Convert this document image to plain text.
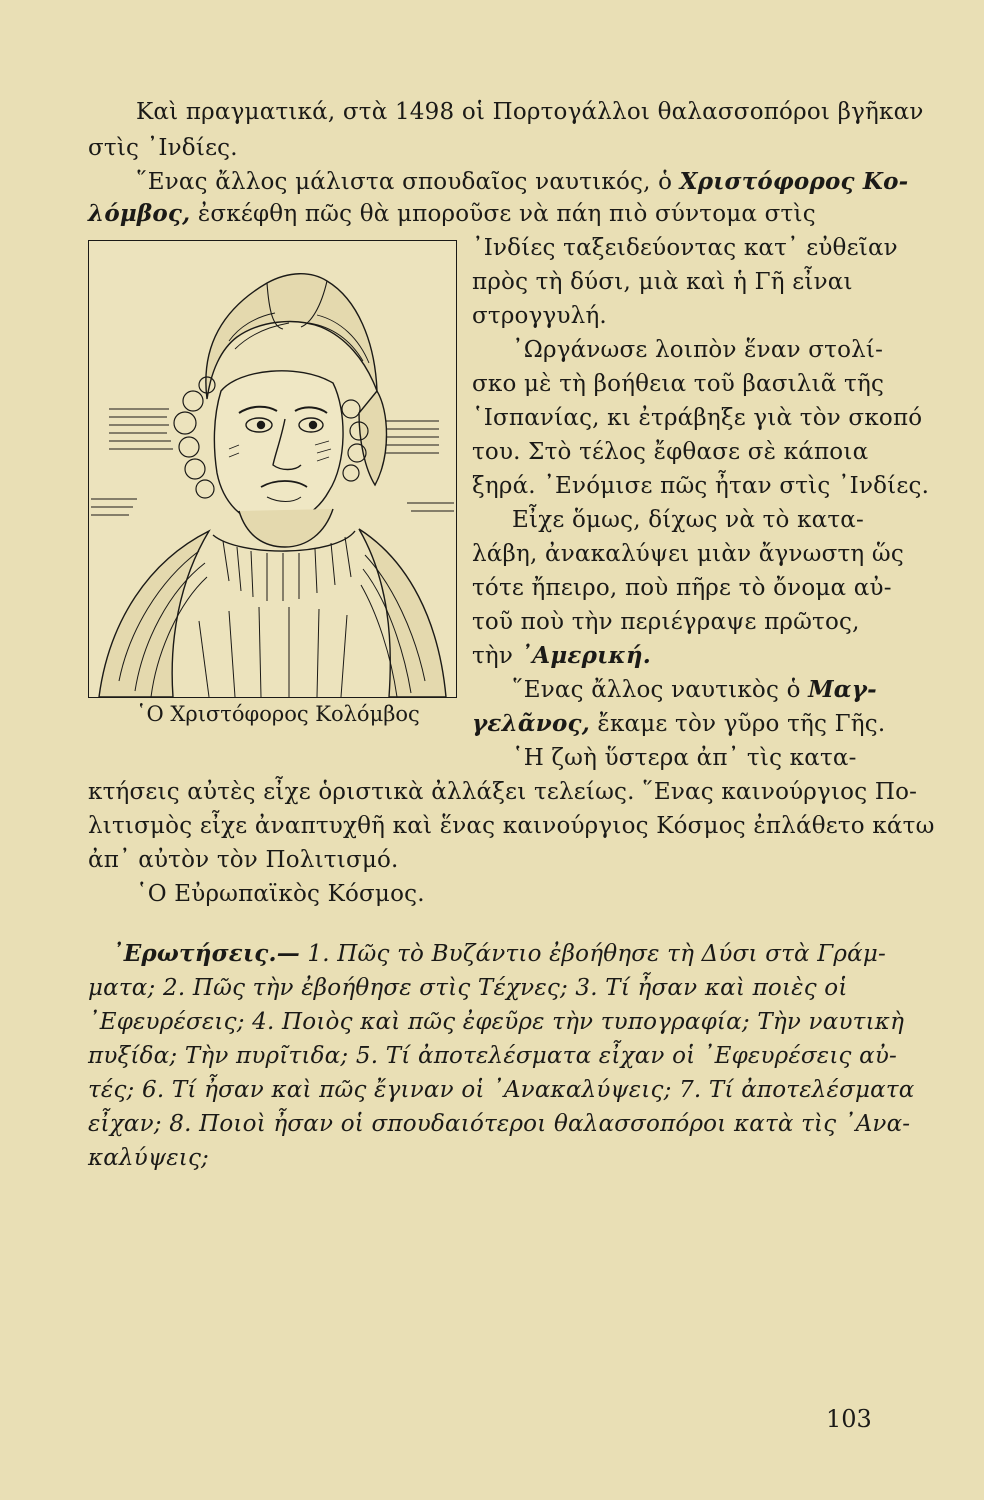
Καὶ πραγματικά, στὰ 1498 οἱ Πορτογάλλοι θαλασσοπόροι βγῆκαν
στὶς ᾿Ινδίες.
῞Ενας ἄλλος μάλιστα σπουδαῖος ναυτικός, ὁ Χριστόφορος Κο-
λόμβος, ἐσκέφθη πῶς θὰ μποροῦσε νὰ πάη πιὸ σύντομα στὶς
᾿Ινδίες ταξειδεύοντας κατ᾿ εὐθεῖαν
πρὸς τὴ δύσι, μιὰ καὶ ἡ Γῆ εἶναι
στρογγυλή.
᾿Ωργάνωσε λοιπὸν ἕναν στολί-
σκο μὲ τὴ βοήθεια τοῦ βασιλιᾶ τῆς
῾Ισπανίας, κι ἐτράβηξε γιὰ τὸν σκοπό
του. Στὸ τέλος ἔφθασε σὲ κάποια
ξηρά. ᾿Ενόμισε πῶς ἦταν στὶς ᾿Ινδίες.
Εἶχε ὅμως, δίχως νὰ τὸ κατα-
λάβη, ἀνακαλύψει μιὰν ἄγνωστη ὥς
τότε ἤπειρο, ποὺ πῆρε τὸ ὄνομα αὐ-
τοῦ ποὺ τὴν περιέγραψε πρῶτος,
τὴν ᾿Αμερική.
῞Ενας ἄλλος ναυτικὸς ὁ Μαγ-
γελᾶνος, ἔκαμε τὸν γῦρο τῆς Γῆς.
῾Η ζωὴ ὕστερα ἀπ᾿ τὶς κατα-
κτήσεις αὐτὲς εἶχε ὁριστικὰ ἀλλάξει τελείως. ῞Ενας καινούργιος Πο-
λιτισμὸς εἶχε ἀναπτυχθῆ καὶ ἕνας καινούργιος Κόσμος ἐπλάθετο κάτω
ἀπ᾿ αὐτὸν τὸν Πολιτισμό.
῾Ο Εὐρωπαϊκὸς Κόσμος.
᾿Ερωτήσεις.— 1. Πῶς τὸ Βυζάντιο ἐβοήθησε τὴ Δύσι στὰ Γράμ-
ματα; 2. Πῶς τὴν ἐβοήθησε στὶς Τέχνες; 3. Τί ἦσαν καὶ ποιὲς οἱ
᾿Εφευρέσεις; 4. Ποιὸς καὶ πῶς ἐφεῦρε τὴν τυπογραφία; Τὴν ναυτικὴ
πυξίδα; Τὴν πυρῖτιδα; 5. Τί ἀποτελέσματα εἶχαν οἱ ᾿Εφευρέσεις αὐ-
τές; 6. Τί ἦσαν καὶ πῶς ἔγιναν οἱ ᾿Ανακαλύψεις; 7. Τί ἀποτελέσματα
εἶχαν; 8. Ποιοὶ ἦσαν οἱ σπουδαιότεροι θαλασσοπόροι κατὰ τὶς ᾿Ανα-
καλύψεις;
῾Ο Χριστόφορος Κολόμβος
103
